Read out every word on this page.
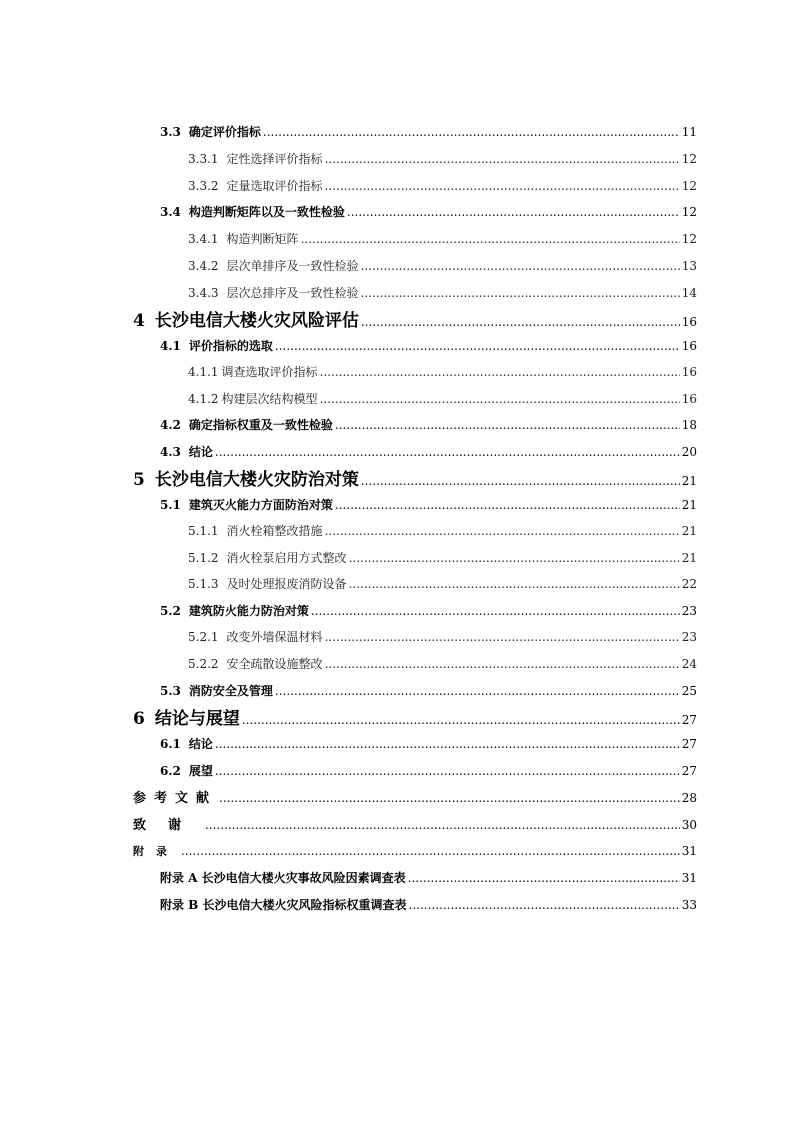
3.3 确定评价指标 .....	11
3.3.1 定性选择评价指标 .....	12
3.3.2 定量选取评价指标 .....	12
3.4 构造判断矩阵以及一致性检验 .....	12
3.4.1 构造判断矩阵 .....	12
3.4.2 层次单排序及一致性检验 .....	13
3.4.3 层次总排序及一致性检验 .....	14
4 长沙电信大楼火灾风险评估 .....	16
4.1 评价指标的选取 .....	16
4.1.1 调查选取评价指标 .....	16
4.1.2 构建层次结构模型 .....	16
4.2 确定指标权重及一致性检验 .....	18
4.3 结论 .....	20
5 长沙电信大楼火灾防治对策 .....	21
5.1 建筑灭火能力方面防治对策 .....	21
5.1.1 消火栓箱整改措施 .....	21
5.1.2 消火栓泵启用方式整改 .....	21
5.1.3 及时处理报废消防设备 .....	22
5.2 建筑防火能力防治对策 .....	23
5.2.1 改变外墙保温材料 .....	23
5.2.2 安全疏散设施整改 .....	24
5.3 消防安全及管理 .....	25
6 结论与展望 .....	27
6.1 结论 .....	27
6.2 展望 .....	27
参考文献 .....	28
致谢 .....	30
附录 .....	31
附录 A 长沙电信大楼火灾事故风险因素调查表 .....	31
附录 B 长沙电信大楼火灾风险指标权重调查表 .....	33
